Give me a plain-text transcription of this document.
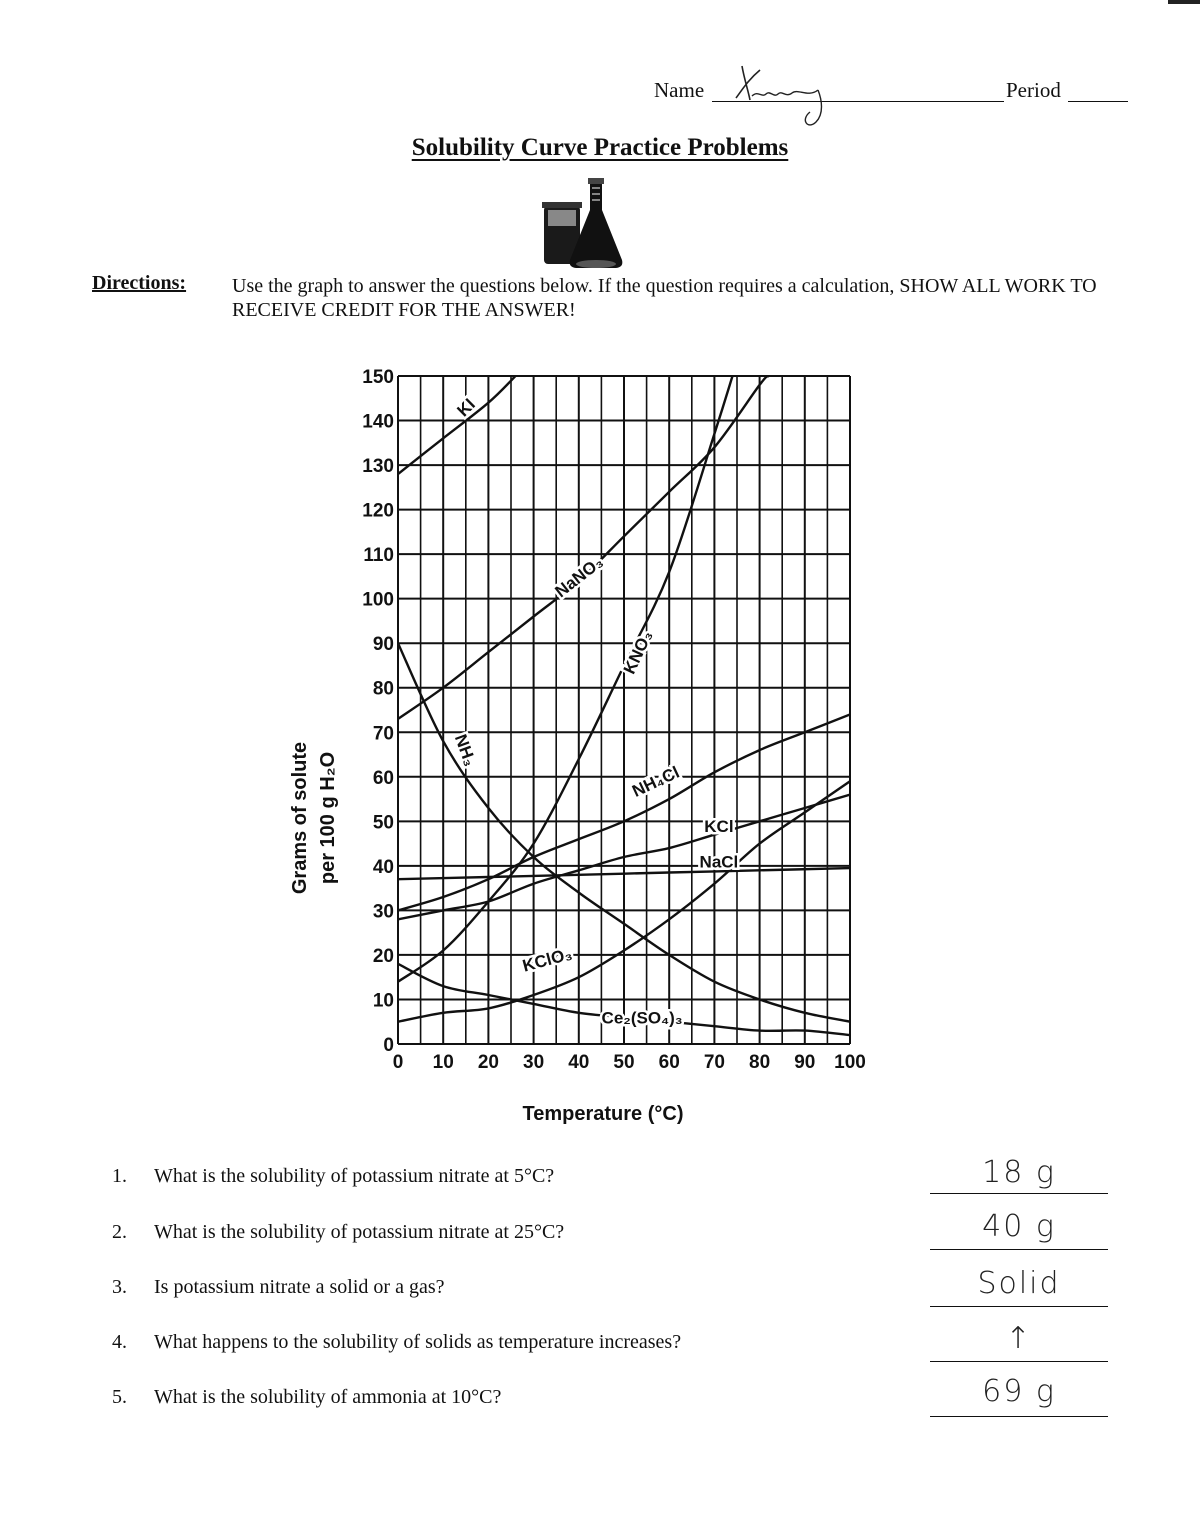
Name	Period
Solubility Curve Practice Problems
Directions: Use the graph to answer the questions below. If the question requires a calculation, SHOW ALL WORK TO RECEIVE CREDIT FOR THE ANSWER!
0 10 20 30 40 50 60 70 80 90 100
0
10
20
30
40
50
60
70
80
90
100
110
120
130
140
150
KI
NaNO₃
KNO₃
NH₃
NH₄Cl
KCl
NaCl
KClO₃
Ce₂(SO₄)₃
Temperature (°C)
Grams of solute per 100 g H₂O
1. What is the solubility of potassium nitrate at 5°C?	18 g
2. What is the solubility of potassium nitrate at 25°C?	40 g
3. Is potassium nitrate a solid or a gas?	Solid
4. What happens to the solubility of solids as temperature increases?	↑
5. What is the solubility of ammonia at 10°C?	69 g
